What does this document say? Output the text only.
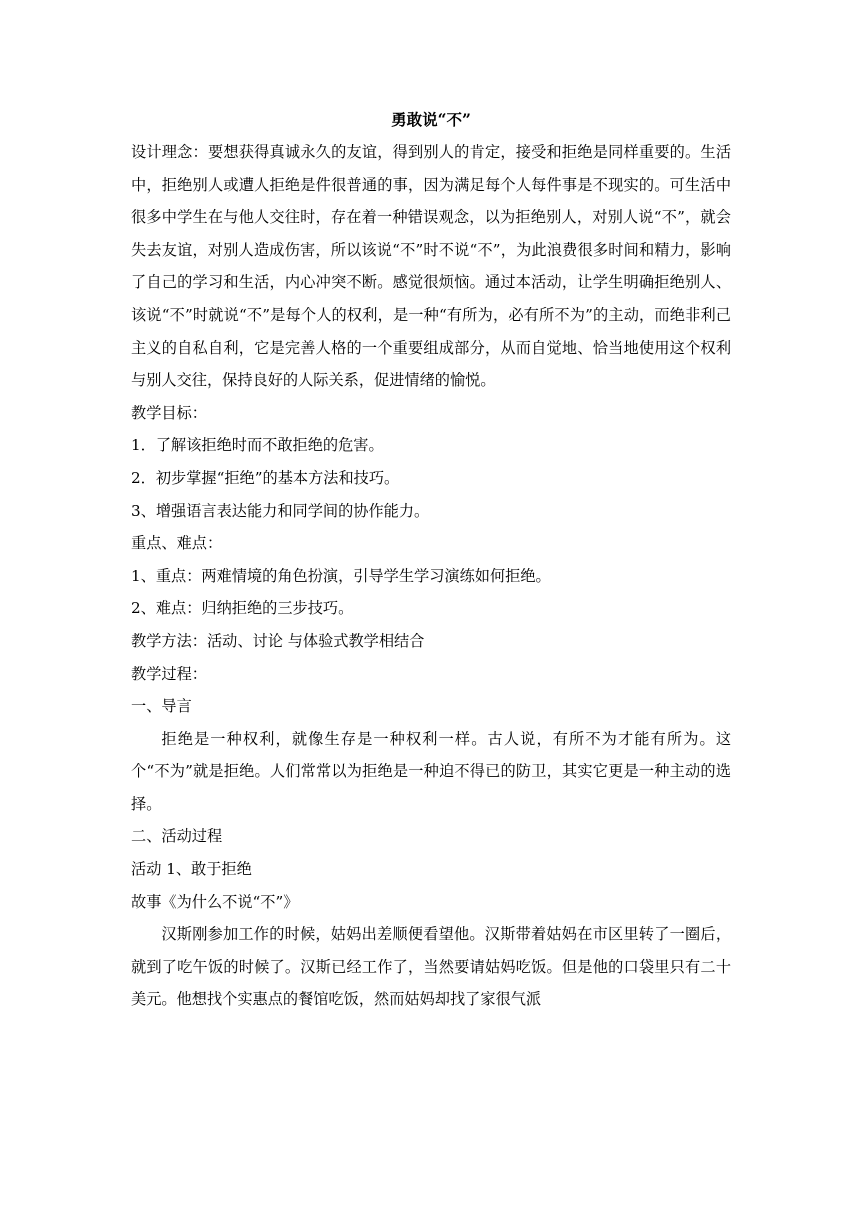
勇敢说“不”

设计理念：要想获得真诚永久的友谊，得到别人的肯定，接受和拒绝是同样重要的。生活中，拒绝别人或遭人拒绝是件很普通的事，因为满足每个人每件事是不现实的。可生活中很多中学生在与他人交往时，存在着一种错误观念，以为拒绝别人，对别人说“不”，就会失去友谊，对别人造成伤害，所以该说“不”时不说“不”，为此浪费很多时间和精力，影响了自己的学习和生活，内心冲突不断。感觉很烦恼。通过本活动，让学生明确拒绝别人、该说“不”时就说“不”是每个人的权利，是一种“有所为，必有所不为”的主动，而绝非利己主义的自私自利，它是完善人格的一个重要组成部分，从而自觉地、恰当地使用这个权利与别人交往，保持良好的人际关系，促进情绪的愉悦。

教学目标：

1．了解该拒绝时而不敢拒绝的危害。

2．初步掌握“拒绝”的基本方法和技巧。

3、增强语言表达能力和同学间的协作能力。

重点、难点：

1、重点：两难情境的角色扮演，引导学生学习演练如何拒绝。

2、难点：归纳拒绝的三步技巧。

教学方法：活动、讨论 与体验式教学相结合

教学过程：

一、导言

拒绝是一种权利，就像生存是一种权利一样。古人说，有所不为才能有所为。这个“不为”就是拒绝。人们常常以为拒绝是一种迫不得已的防卫，其实它更是一种主动的选择。

二、活动过程

活动 1、敢于拒绝

故事《为什么不说“不”》

汉斯刚参加工作的时候，姑妈出差顺便看望他。汉斯带着姑妈在市区里转了一圈后，就到了吃午饭的时候了。汉斯已经工作了，当然要请姑妈吃饭。但是他的口袋里只有二十美元。他想找个实惠点的餐馆吃饭，然而姑妈却找了家很气派
